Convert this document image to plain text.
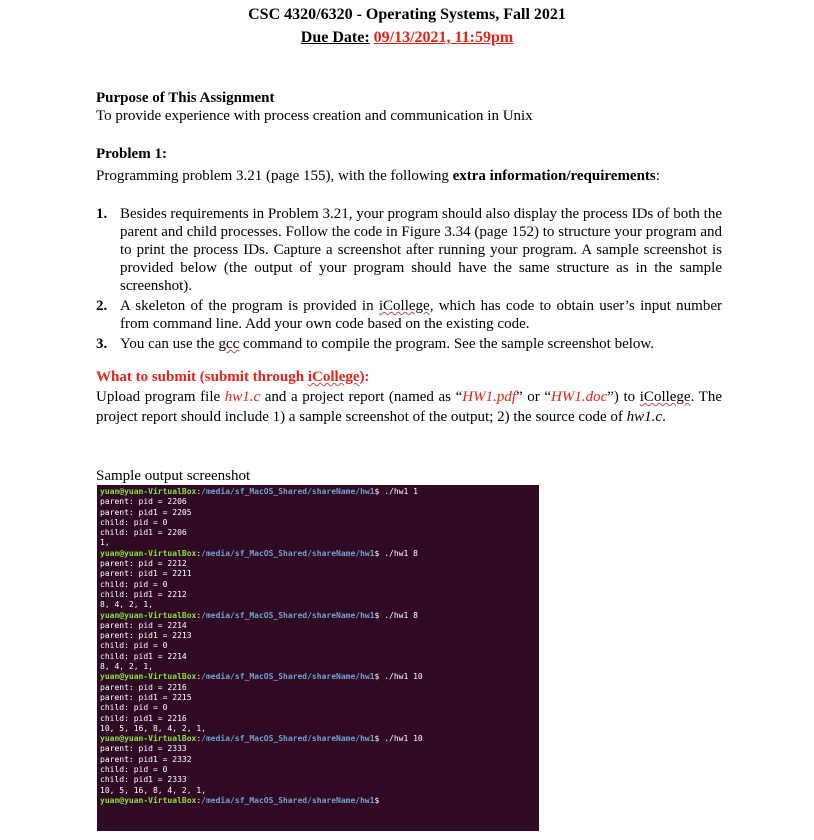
CSC 4320/6320 - Operating Systems, Fall 2021
Due Date: 09/13/2021, 11:59pm
Purpose of This Assignment
To provide experience with process creation and communication in Unix
Problem 1:
Programming problem 3.21 (page 155), with the following extra information/requirements:
1. Besides requirements in Problem 3.21, your program should also display the process IDs of both the parent and child processes. Follow the code in Figure 3.34 (page 152) to structure your program and to print the process IDs. Capture a screenshot after running your program. A sample screenshot is provided below (the output of your program should have the same structure as in the sample screenshot).
2. A skeleton of the program is provided in iCollege, which has code to obtain user’s input number from command line. Add your own code based on the existing code.
3. You can use the gcc command to compile the program. See the sample screenshot below.
What to submit (submit through iCollege):
Upload program file hw1.c and a project report (named as “HW1.pdf” or “HW1.doc”) to iCollege. The project report should include 1) a sample screenshot of the output; 2) the source code of hw1.c.
Sample output screenshot
yuan@yuan-VirtualBox:/media/sf_MacOS_Shared/shareName/hw1$ ./hw1 1
parent: pid = 2206
parent: pid1 = 2205
child: pid = 0
child: pid1 = 2206
1,
yuan@yuan-VirtualBox:/media/sf_MacOS_Shared/shareName/hw1$ ./hw1 8
parent: pid = 2212
parent: pid1 = 2211
child: pid = 0
child: pid1 = 2212
8, 4, 2, 1,
yuan@yuan-VirtualBox:/media/sf_MacOS_Shared/shareName/hw1$ ./hw1 8
parent: pid = 2214
parent: pid1 = 2213
child: pid = 0
child: pid1 = 2214
8, 4, 2, 1,
yuan@yuan-VirtualBox:/media/sf_MacOS_Shared/shareName/hw1$ ./hw1 10
parent: pid = 2216
parent: pid1 = 2215
child: pid = 0
child: pid1 = 2216
10, 5, 16, 8, 4, 2, 1,
yuan@yuan-VirtualBox:/media/sf_MacOS_Shared/shareName/hw1$ ./hw1 10
parent: pid = 2333
parent: pid1 = 2332
child: pid = 0
child: pid1 = 2333
10, 5, 16, 8, 4, 2, 1,
yuan@yuan-VirtualBox:/media/sf_MacOS_Shared/shareName/hw1$
